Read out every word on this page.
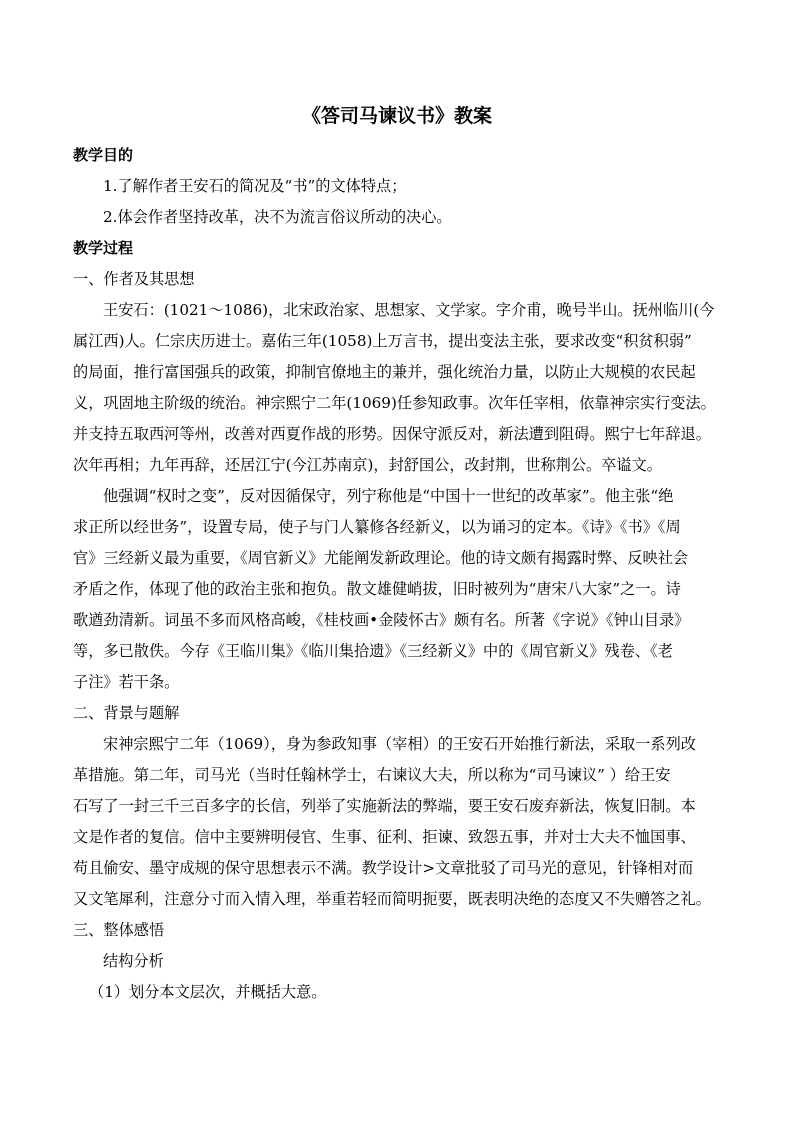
《答司马谏议书》教案
教学目的
1.了解作者王安石的简况及“书”的文体特点；
2.体会作者坚持改革，决不为流言俗议所动的决心。
教学过程
一、作者及其思想
王安石：(1021～1086)，北宋政治家、思想家、文学家。字介甫，晚号半山。抚州临川(今
属江西)人。仁宗庆历进士。嘉佑三年(1058)上万言书，提出变法主张，要求改变“积贫积弱”
的局面，推行富国强兵的政策，抑制官僚地主的兼并，强化统治力量，以防止大规模的农民起
义，巩固地主阶级的统治。神宗熙宁二年(1069)任参知政事。次年任宰相，依靠神宗实行变法。
并支持五取西河等州，改善对西夏作战的形势。因保守派反对，新法遭到阻碍。熙宁七年辞退。
次年再相；九年再辞，还居江宁(今江苏南京)，封舒国公，改封荆，世称荆公。卒谥文。
他强调“权时之变”，反对因循保守，列宁称他是“中国十一世纪的改革家”。他主张“绝
求正所以经世务”，设置专局，使子与门人纂修各经新义，以为诵习的定本。《诗》《书》《周
官》三经新义最为重要，《周官新义》尤能阐发新政理论。他的诗文颇有揭露时弊、反映社会
矛盾之作，体现了他的政治主张和抱负。散文雄健峭拔，旧时被列为“唐宋八大家”之一。诗
歌遒劲清新。词虽不多而风格高峻，《桂枝画•金陵怀古》颇有名。所著《字说》《钟山目录》
等，多已散佚。今存《王临川集》《临川集拾遗》《三经新义》中的《周官新义》残卷、《老
子注》若干条。
二、背景与题解
宋神宗熙宁二年（1069），身为参政知事（宰相）的王安石开始推行新法，采取一系列改
革措施。第二年，司马光（当时任翰林学士，右谏议大夫，所以称为“司马谏议” ）给王安
石写了一封三千三百多字的长信，列举了实施新法的弊端，要王安石废弃新法，恢复旧制。本
文是作者的复信。信中主要辨明侵官、生事、征利、拒谏、致怨五事，并对士大夫不恤国事、
苟且偷安、墨守成规的保守思想表示不满。教学设计>文章批驳了司马光的意见，针锋相对而
又文笔犀利，注意分寸而入情入理，举重若轻而简明扼要，既表明决绝的态度又不失赠答之礼。
三、整体感悟
结构分析
（1）划分本文层次，并概括大意。
